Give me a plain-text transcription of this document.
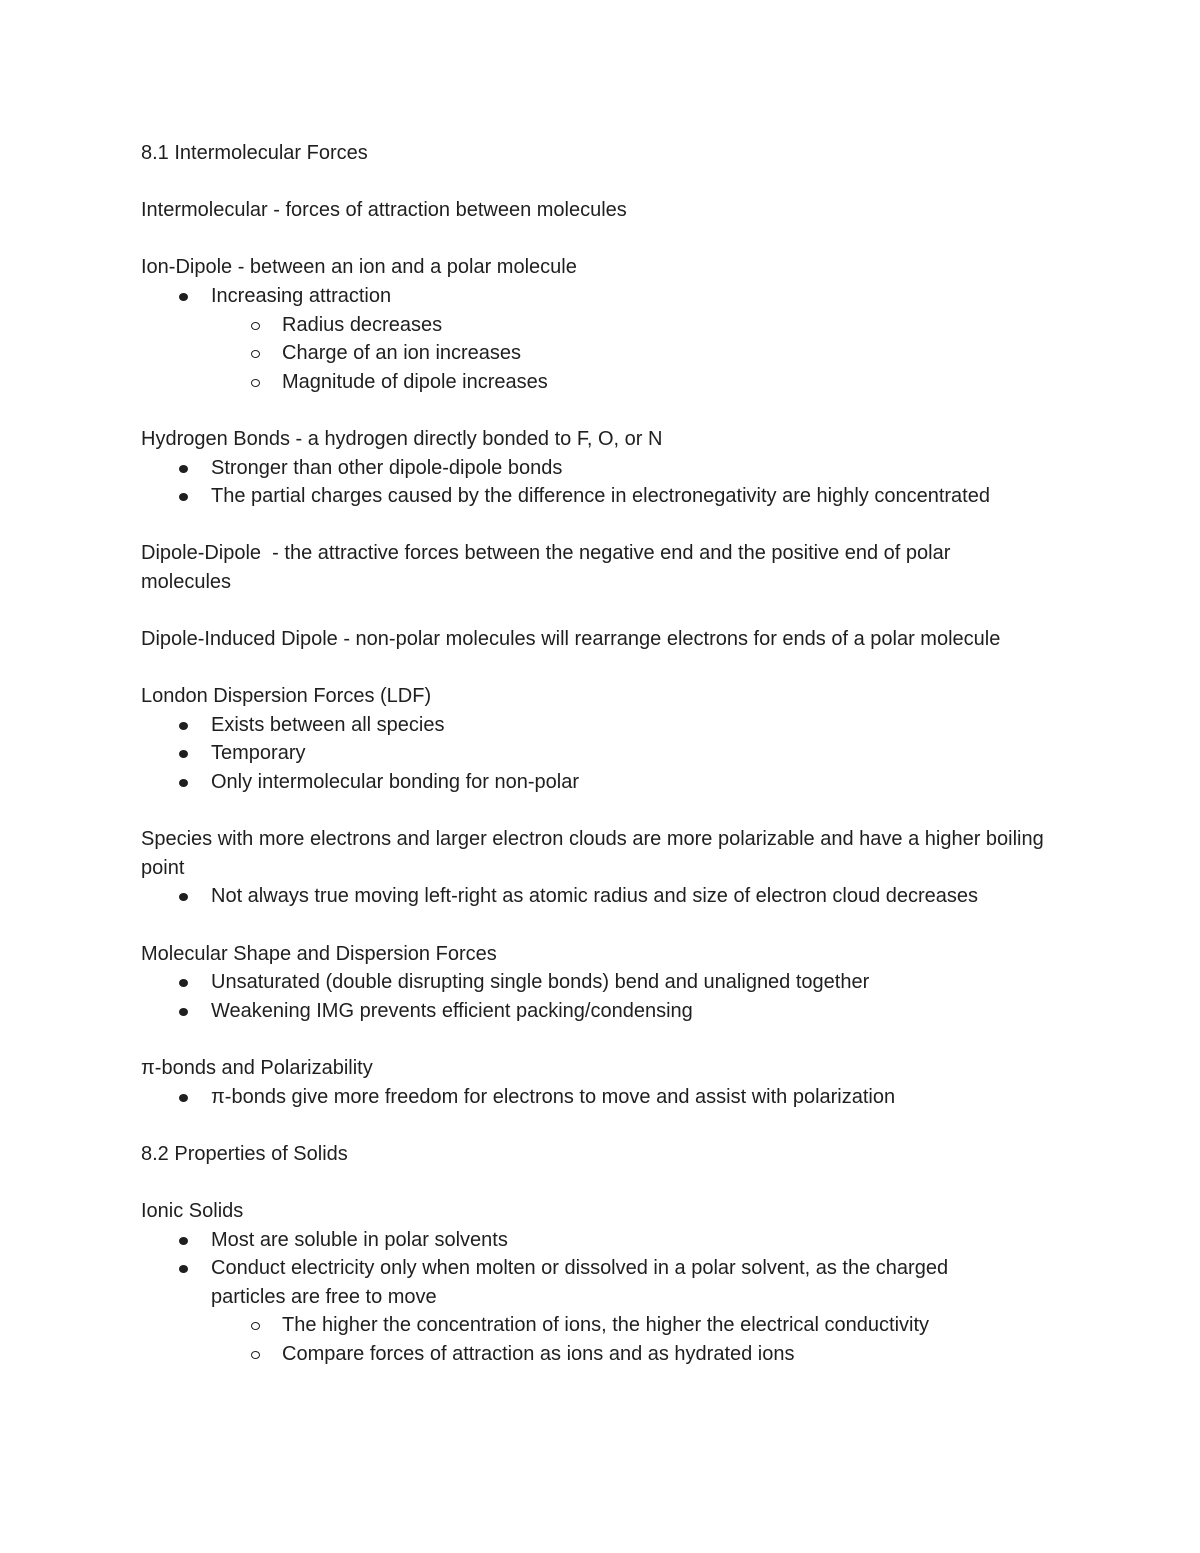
8.1 Intermolecular Forces

Intermolecular - forces of attraction between molecules

Ion-Dipole - between an ion and a polar molecule

Increasing attraction
Radius decreases
Charge of an ion increases
Magnitude of dipole increases

Hydrogen Bonds - a hydrogen directly bonded to F, O, or N

Stronger than other dipole-dipole bonds
The partial charges caused by the difference in electronegativity are highly concentrated

Dipole-Dipole  - the attractive forces between the negative end and the positive end of polar molecules

Dipole-Induced Dipole - non-polar molecules will rearrange electrons for ends of a polar molecule

London Dispersion Forces (LDF)

Exists between all species
Temporary
Only intermolecular bonding for non-polar

Species with more electrons and larger electron clouds are more polarizable and have a higher boiling point

Not always true moving left-right as atomic radius and size of electron cloud decreases

Molecular Shape and Dispersion Forces

Unsaturated (double disrupting single bonds) bend and unaligned together
Weakening IMG prevents efficient packing/condensing

π-bonds and Polarizability

π-bonds give more freedom for electrons to move and assist with polarization

8.2 Properties of Solids

Ionic Solids

Most are soluble in polar solvents
Conduct electricity only when molten or dissolved in a polar solvent, as the charged particles are free to move
The higher the concentration of ions, the higher the electrical conductivity
Compare forces of attraction as ions and as hydrated ions
